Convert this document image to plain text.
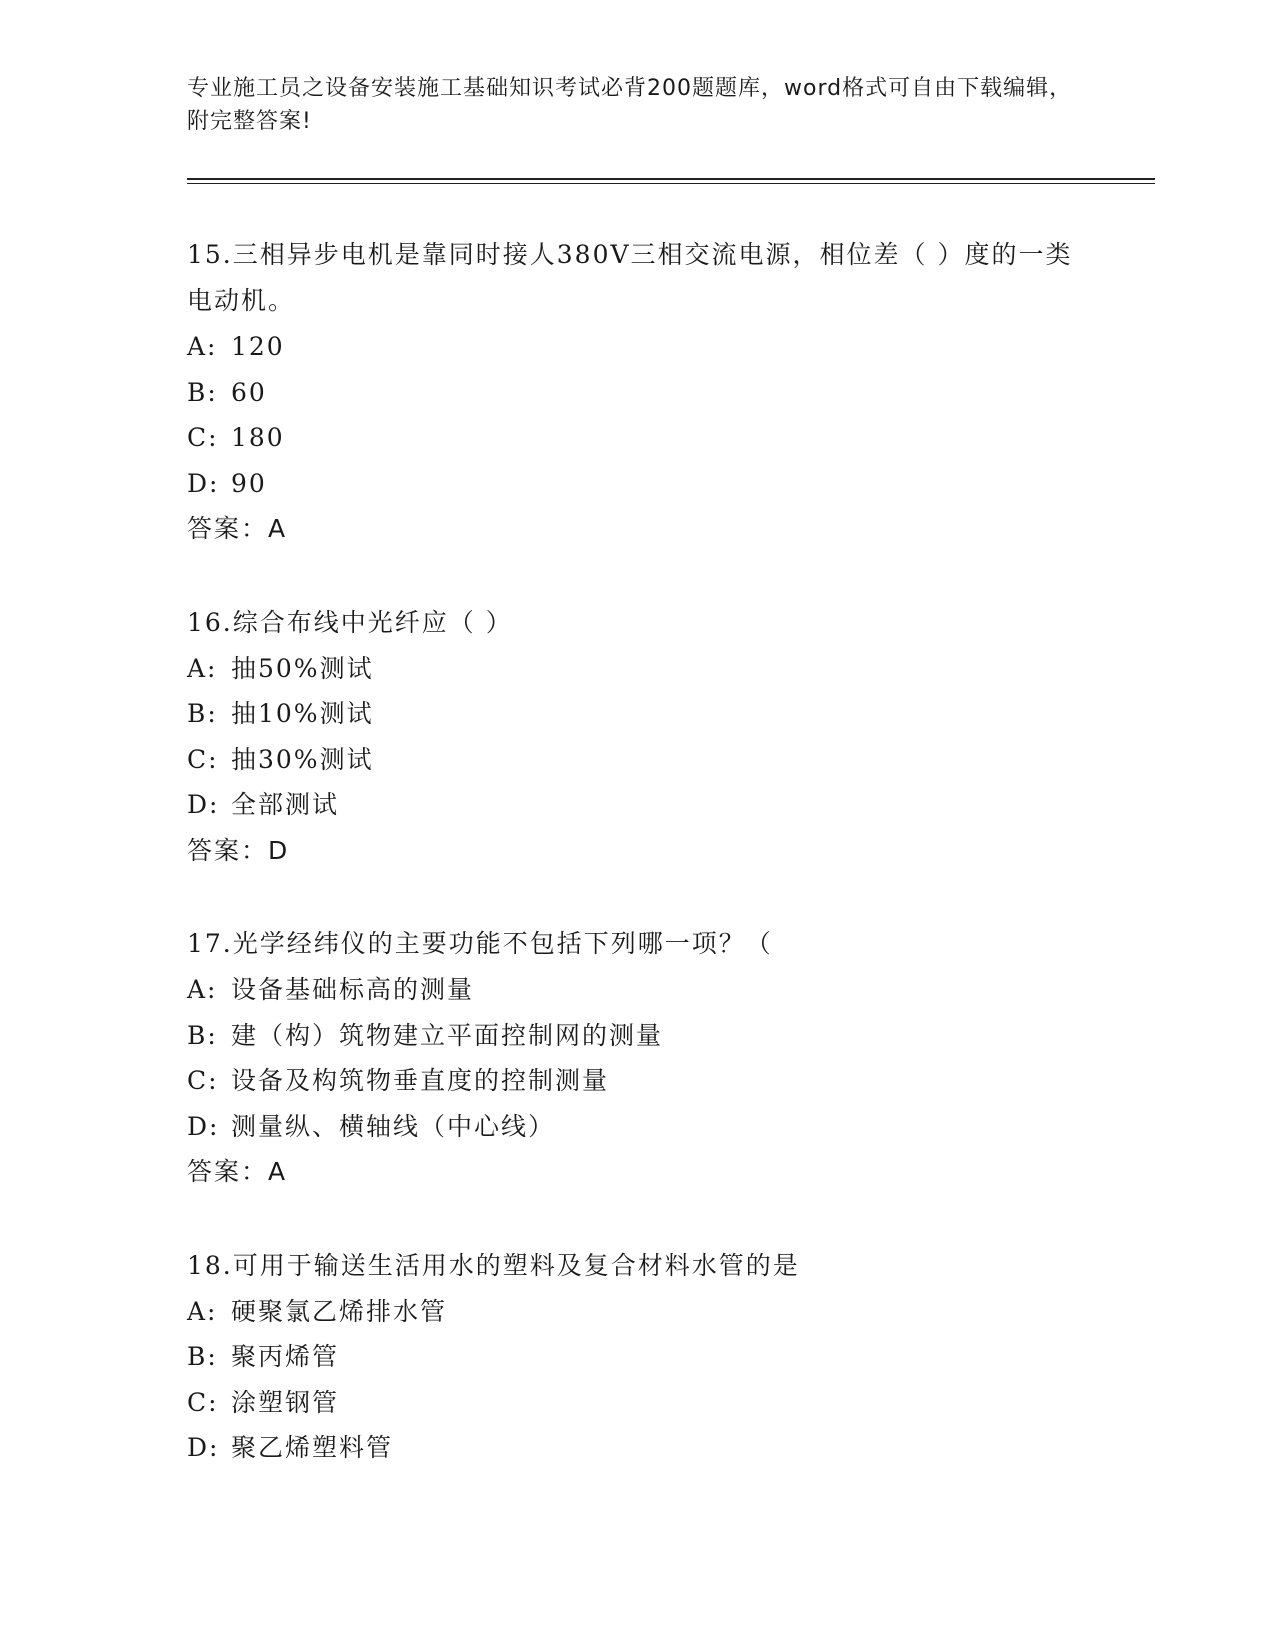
专业施工员之设备安装施工基础知识考试必背200题题库，word格式可自由下载编辑，附完整答案!

15.三相异步电机是靠同时接人380V三相交流电源，相位差（ ）度的一类电动机。

A: 120

B: 60

C: 180

D: 90

答案：A

16.综合布线中光纤应（ ）

A: 抽50%测试

B: 抽10%测试

C: 抽30%测试

D: 全部测试

答案：D

17.光学经纬仪的主要功能不包括下列哪一项？（

A: 设备基础标高的测量

B: 建（构）筑物建立平面控制网的测量

C: 设备及构筑物垂直度的控制测量

D: 测量纵、横轴线（中心线）

答案：A

18.可用于输送生活用水的塑料及复合材料水管的是

A: 硬聚氯乙烯排水管

B: 聚丙烯管

C: 涂塑钢管

D: 聚乙烯塑料管
